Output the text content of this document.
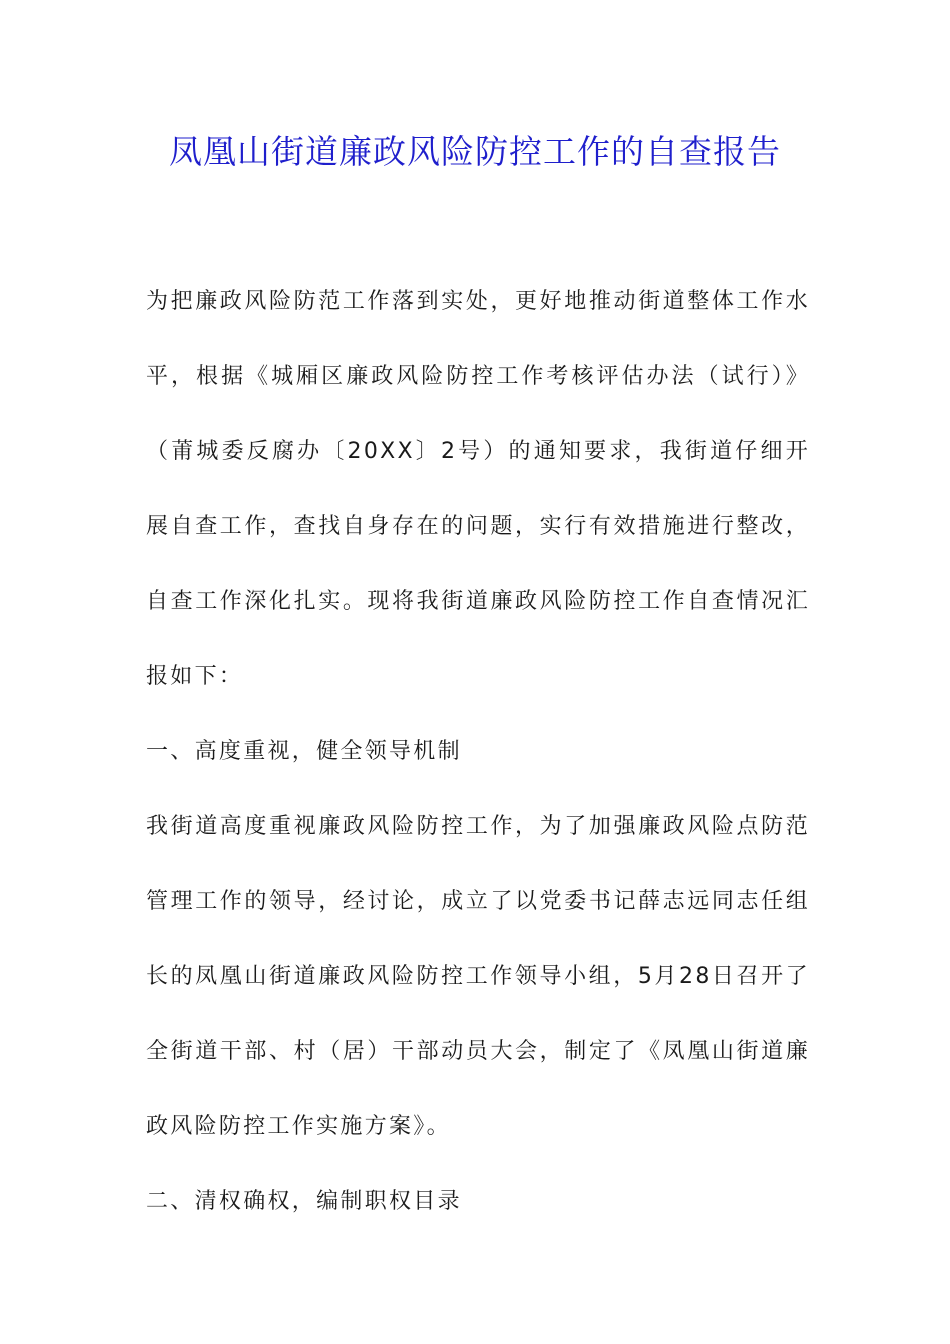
凤凰山街道廉政风险防控工作的自查报告

为把廉政风险防范工作落到实处，更好地推动街道整体工作水平，根据《城厢区廉政风险防控工作考核评估办法（试行）》（莆城委反腐办〔20XX〕2号）的通知要求，我街道仔细开展自查工作，查找自身存在的问题，实行有效措施进行整改，自查工作深化扎实。现将我街道廉政风险防控工作自查情况汇报如下：

一、高度重视，健全领导机制

我街道高度重视廉政风险防控工作，为了加强廉政风险点防范管理工作的领导，经讨论，成立了以党委书记薛志远同志任组长的凤凰山街道廉政风险防控工作领导小组，5月28日召开了全街道干部、村（居）干部动员大会，制定了《凤凰山街道廉政风险防控工作实施方案》。

二、清权确权，编制职权目录
